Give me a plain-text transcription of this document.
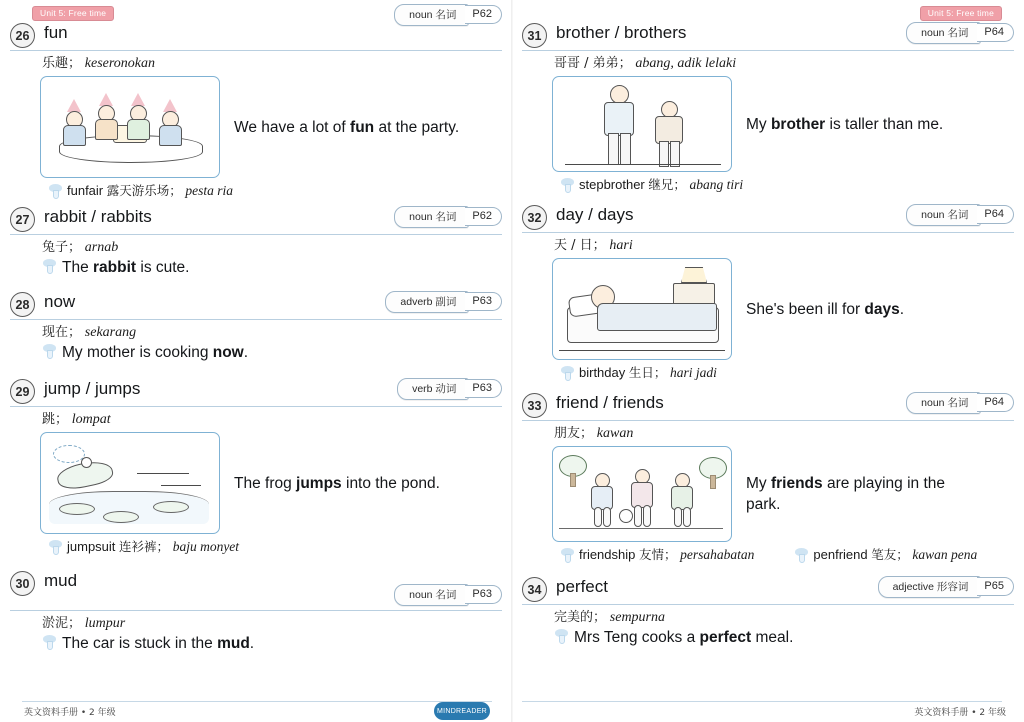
Unit 5: Free time
26 fun
noun 名词	P62
乐趣； keseronokan
We have a lot of fun at the party.
funfair 露天游乐场； pesta ria
27 rabbit / rabbits	noun 名词	P62
兔子； arnab
The rabbit is cute.
28 now	adverb 副词	P63
现在； sekarang
My mother is cooking now.
29 jump / jumps	verb 动词	P63
跳； lompat
The frog jumps into the pond.
jumpsuit 连衫裤； baju monyet
30 mud
noun 名词	P63
淤泥； lumpur
The car is stuck in the mud.
英文资料手册 • 2 年级	MINDREADER
Unit 5: Free time
31 brother / brothers	noun 名词	P64
哥哥 / 弟弟； abang, adik lelaki
My brother is taller than me.
stepbrother 继兄； abang tiri
32 day / days	noun 名词	P64
天 / 日； hari
She's been ill for days.
birthday 生日； hari jadi
33 friend / friends	noun 名词	P64
朋友； kawan
My friends are playing in the park.
friendship 友情； persahabatan	penfriend 笔友； kawan pena
34 perfect	adjective 形容词	P65
完美的； sempurna
Mrs Teng cooks a perfect meal.
英文资料手册 • 2 年级
